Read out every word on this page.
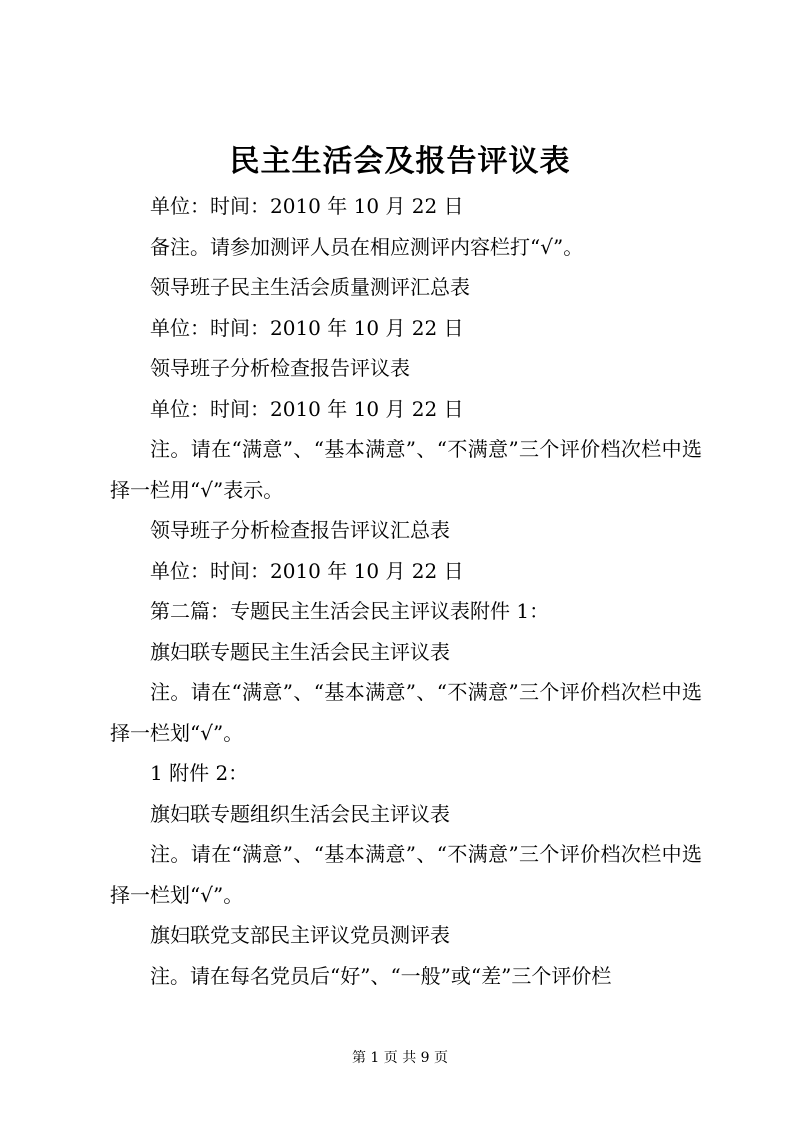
民主生活会及报告评议表

单位：时间：2010 年 10 月 22 日

备注。请参加测评人员在相应测评内容栏打“√”。

领导班子民主生活会质量测评汇总表

单位：时间：2010 年 10 月 22 日

领导班子分析检查报告评议表

单位：时间：2010 年 10 月 22 日

注。请在“满意”、“基本满意”、“不满意”三个评价档次栏中选择一栏用“√”表示。

领导班子分析检查报告评议汇总表

单位：时间：2010 年 10 月 22 日

第二篇：专题民主生活会民主评议表附件 1：

旗妇联专题民主生活会民主评议表

注。请在“满意”、“基本满意”、“不满意”三个评价档次栏中选择一栏划“√”。

1 附件 2：

旗妇联专题组织生活会民主评议表

注。请在“满意”、“基本满意”、“不满意”三个评价档次栏中选择一栏划“√”。

旗妇联党支部民主评议党员测评表

注。请在每名党员后“好”、“一般”或“差”三个评价栏

第 1 页 共 9 页
